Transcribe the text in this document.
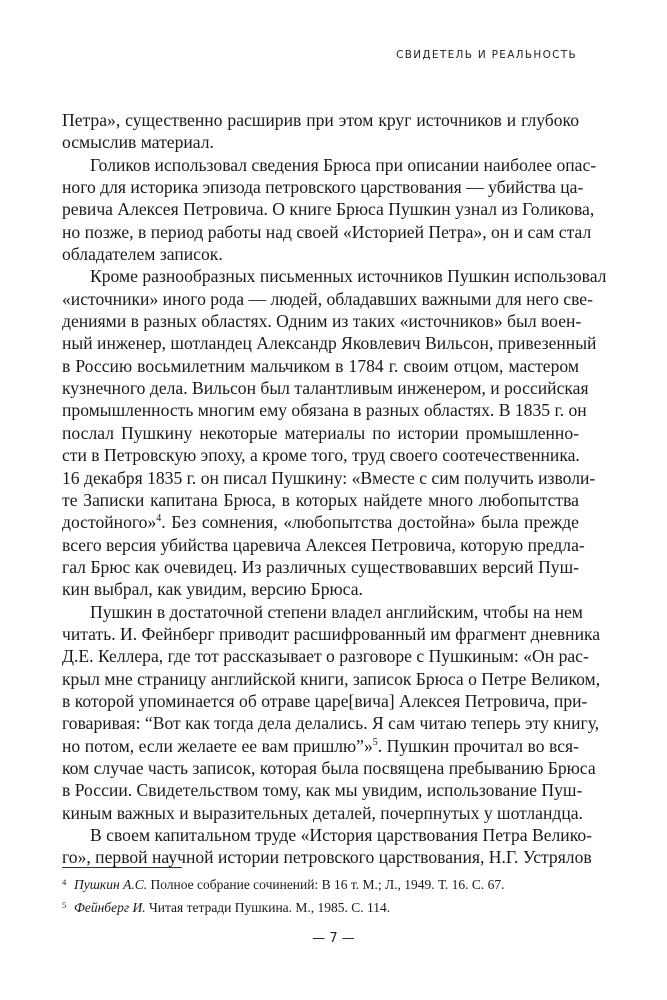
СВИДЕТЕЛЬ И РЕАЛЬНОСТЬ
Петра», существенно расширив при этом круг источников и глубоко
осмыслив материал.
Голиков использовал сведения Брюса при описании наиболее опас-
ного для историка эпизода петровского царствования — убийства ца-
ревича Алексея Петровича. О книге Брюса Пушкин узнал из Голикова,
но позже, в период работы над своей «Историей Петра», он и сам стал
обладателем записок.
Кроме разнообразных письменных источников Пушкин использовал
«источники» иного рода — людей, обладавших важными для него све-
дениями в разных областях. Одним из таких «источников» был воен-
ный инженер, шотландец Александр Яковлевич Вильсон, привезенный
в Россию восьмилетним мальчиком в 1784 г. своим отцом, мастером
кузнечного дела. Вильсон был талантливым инженером, и российская
промышленность многим ему обязана в разных областях. В 1835 г. он
послал Пушкину некоторые материалы по истории промышленно-
сти в Петровскую эпоху, а кроме того, труд своего соотечественника.
16 декабря 1835 г. он писал Пушкину: «Вместе с сим получить изволи-
те Записки капитана Брюса, в которых найдете много любопытства
достойного»$^4$. Без сомнения, «любопытства достойна» была прежде
всего версия убийства царевича Алексея Петровича, которую предла-
гал Брюс как очевидец. Из различных существовавших версий Пуш-
кин выбрал, как увидим, версию Брюса.
Пушкин в достаточной степени владел английским, чтобы на нем
читать. И. Фейнберг приводит расшифрованный им фрагмент дневника
Д.Е. Келлера, где тот рассказывает о разговоре с Пушкиным: «Он рас-
крыл мне страницу английской книги, записок Брюса о Петре Великом,
в которой упоминается об отраве царе[вича] Алексея Петровича, при-
говаривая: “Вот как тогда дела делались. Я сам читаю теперь эту книгу,
но потом, если желаете ее вам пришлю”»$^5$. Пушкин прочитал во вся-
ком случае часть записок, которая была посвящена пребыванию Брюса
в России. Свидетельством тому, как мы увидим, использование Пуш-
киным важных и выразительных деталей, почерпнутых у шотландца.
В своем капитальном труде «История царствования Петра Велико-
го», первой научной истории петровского царствования, Н.Г. Устрялов
4 Пушкин А.С. Полное собрание сочинений: В 16 т. М.; Л., 1949. Т. 16. С. 67.
5 Фейнберг И. Читая тетради Пушкина. М., 1985. С. 114.
— 7 —
